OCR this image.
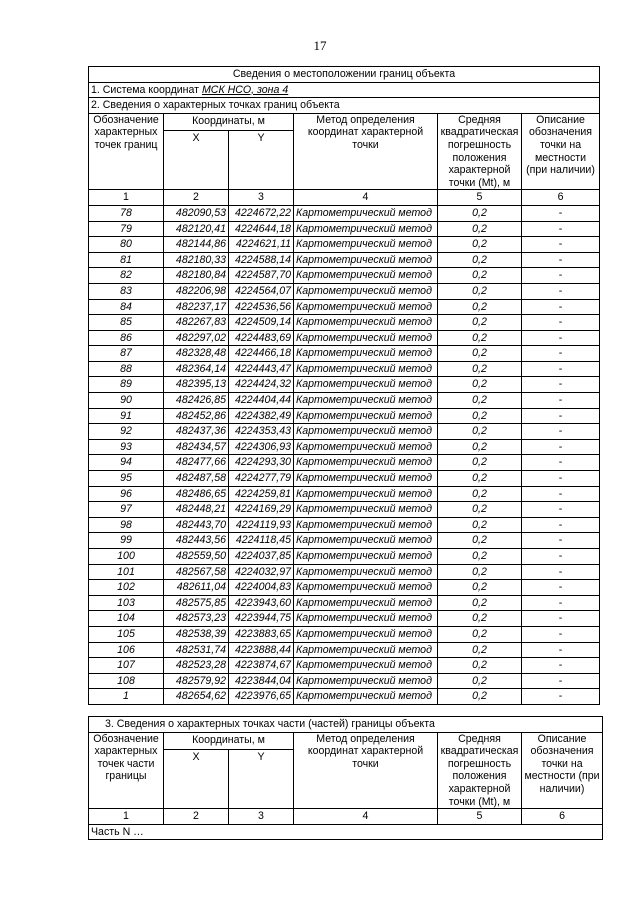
17
Сведения о местоположении границ объекта					
1. Система координат МСК НСО, зона 4					
2. Сведения о характерных точках границ объекта					
Обозначение характерных точек границ	Координаты, м		Метод определения координат характерной точки	Средняя квадратическая погрешность положения характерной точки (Mt), м	Описание обозначения точки на местности (при наличии)
	X	Y			
1	2	3	4	5	6
78	482090,53	4224672,22	Картометрический метод	0,2	-
79	482120,41	4224644,18	Картометрический метод	0,2	-
80	482144,86	4224621,11	Картометрический метод	0,2	-
81	482180,33	4224588,14	Картометрический метод	0,2	-
82	482180,84	4224587,70	Картометрический метод	0,2	-
83	482206,98	4224564,07	Картометрический метод	0,2	-
84	482237,17	4224536,56	Картометрический метод	0,2	-
85	482267,83	4224509,14	Картометрический метод	0,2	-
86	482297,02	4224483,69	Картометрический метод	0,2	-
87	482328,48	4224466,18	Картометрический метод	0,2	-
88	482364,14	4224443,47	Картометрический метод	0,2	-
89	482395,13	4224424,32	Картометрический метод	0,2	-
90	482426,85	4224404,44	Картометрический метод	0,2	-
91	482452,86	4224382,49	Картометрический метод	0,2	-
92	482437,36	4224353,43	Картометрический метод	0,2	-
93	482434,57	4224306,93	Картометрический метод	0,2	-
94	482477,66	4224293,30	Картометрический метод	0,2	-
95	482487,58	4224277,79	Картометрический метод	0,2	-
96	482486,65	4224259,81	Картометрический метод	0,2	-
97	482448,21	4224169,29	Картометрический метод	0,2	-
98	482443,70	4224119,93	Картометрический метод	0,2	-
99	482443,56	4224118,45	Картометрический метод	0,2	-
100	482559,50	4224037,85	Картометрический метод	0,2	-
101	482567,58	4224032,97	Картометрический метод	0,2	-
102	482611,04	4224004,83	Картометрический метод	0,2	-
103	482575,85	4223943,60	Картометрический метод	0,2	-
104	482573,23	4223944,75	Картометрический метод	0,2	-
105	482538,39	4223883,65	Картометрический метод	0,2	-
106	482531,74	4223888,44	Картометрический метод	0,2	-
107	482523,28	4223874,67	Картометрический метод	0,2	-
108	482579,92	4223844,04	Картометрический метод	0,2	-
1	482654,62	4223976,65	Картометрический метод	0,2	-
3. Сведения о характерных точках части (частей) границы объекта					
Обозначение характерных точек части границы	Координаты, м		Метод определения координат характерной точки	Средняя квадратическая погрешность положения характерной точки (Mt), м	Описание обозначения точки на местности (при наличии)
	X	Y			
1	2	3	4	5	6
Часть N …					
